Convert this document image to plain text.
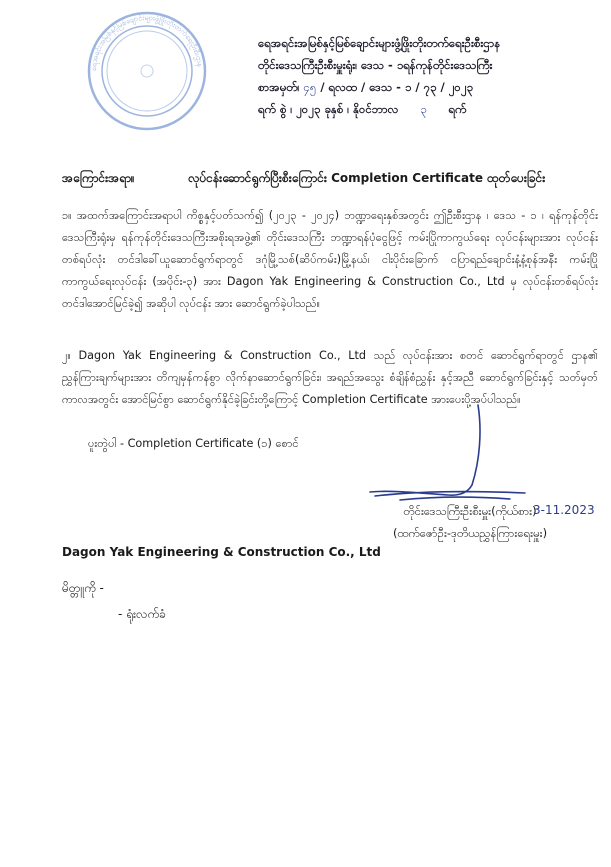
ရေအရင်းအမြစ်နှင့်မြစ်ချောင်းများဖွံ့ဖြိုးတိုးတက်ရေးဦးစီးဌာန
ရေအရင်းအမြစ်နှင့်မြစ်ချောင်းများဖွံ့ဖြိုးတိုးတက်ရေးဦးစီးဌာန
တိုင်းဒေသကြီးဦးစီးမှူးရုံး၊ ဒေသ - ၁ရန်ကုန်တိုင်းဒေသကြီး
စာအမှတ်၊ ၄၅ / ရလထ / ဒေသ - ၁ / ၇၃ / ၂၀၂၃
ရက် စွဲ ၊ ၂၀၂၃ ခုနှစ် ၊ နိုဝင်ဘာလ ၃ ရက်
အကြောင်းအရာ။	လုပ်ငန်းဆောင်ရွက်ပြီးစီးကြောင်း Completion Certificate ထုတ်ပေးခြင်း
၁။ အထက်အကြောင်းအရာပါ ကိစ္စနှင့်ပတ်သက်၍ (၂၀၂၃ - ၂၀၂၄) ဘဏ္ဍာရေးနှစ်အတွင်း ဤဦးစီးဌာန ၊ ဒေသ - ၁ ၊ ရန်ကုန်တိုင်းဒေသကြီးရုံးမှ ရန်ကုန်တိုင်းဒေသကြီးအစိုးရအဖွဲ့၏ တိုင်းဒေသကြီး ဘဏ္ဍာရန်ပုံငွေဖြင့် ကမ်းပြိုကာကွယ်ရေး လုပ်ငန်းများအား လုပ်ငန်းတစ်ရပ်လုံး တင်ဒါခေါ်ယူဆောင်ရွက်ရာတွင် ဒဂုံမြို့သစ်(ဆိပ်ကမ်း)မြို့နယ်၊ ငါးပိုင်းခြောက် ငပြာရည်ချောင်းနံ့နံ့စုန်အနီး ကမ်းပြိုကာကွယ်ရေးလုပ်ငန်း (အပိုင်း-၃) အား Dagon Yak Engineering & Construction Co., Ltd မှ လုပ်ငန်းတစ်ရပ်လုံး တင်ဒါအောင်မြင်ခဲ့၍ အဆိုပါ လုပ်ငန်း အား ဆောင်ရွက်ခဲ့ပါသည်။
၂။ Dagon Yak Engineering & Construction Co., Ltd သည် လုပ်ငန်းအား စတင် ဆောင်ရွက်ရာတွင် ဌာန၏ ညွှန်ကြားချက်များအား တိကျမှန်ကန်စွာ လိုက်နာဆောင်ရွက်ခြင်း၊ အရည်အသွေး စံချိန်စံညွှန်း နှင့်အညီ ဆောင်ရွက်ခြင်းနှင့် သတ်မှတ်ကာလအတွင်း အောင်မြင်စွာ ဆောင်ရွက်နိုင်ခဲ့ခြင်းတို့ကြောင့် Completion Certificate အားပေးပို့အပ်ပါသည်။
ပူးတွဲပါ - Completion Certificate (၁) စောင်
တိုင်းဒေသကြီးဦးစီးမှူး(ကိုယ်စား)
(ထက်ဇော်ဦး-ဒုတိယညွှန်ကြားရေးမှူး)
3-11.2023
Dagon Yak Engineering & Construction Co., Ltd
မိတ္တူကို -
- ရုံးလက်ခံ
